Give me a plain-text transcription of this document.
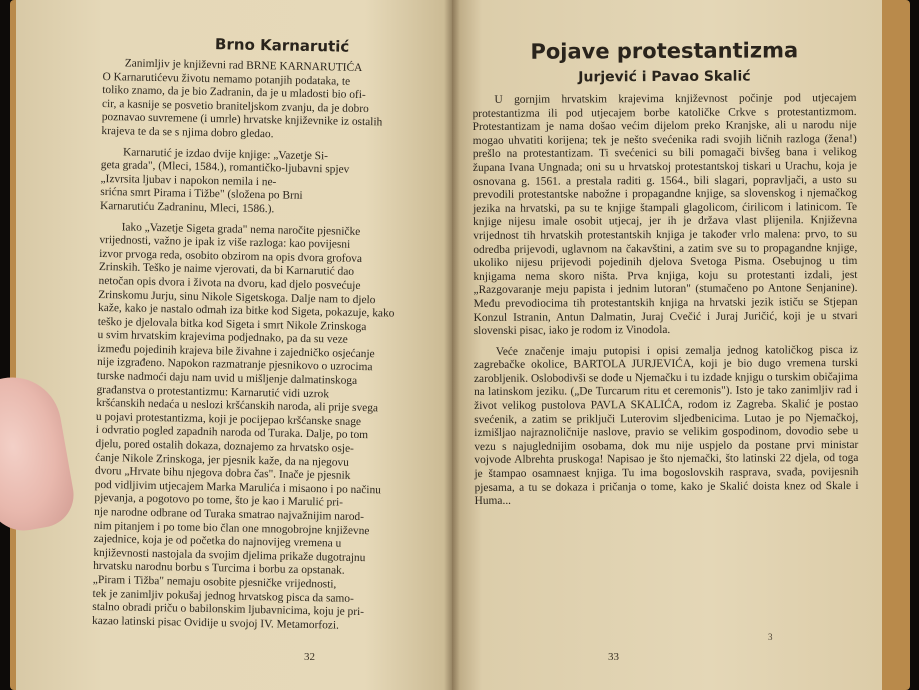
Brno Karnarutić
Zanimljiv je književni rad BRNE KARNARUTIĆA
O Karnarutićevu životu nemamo potanjih podataka, te
toliko znamo, da je bio Zadranin, da je u mladosti bio ofi-
cir, a kasnije se posvetio braniteljskom zvanju, da je dobro
poznavao suvremene (i umrle) hrvatske književnike iz ostalih
krajeva te da se s njima dobro gledao.
Karnarutić je izdao dvije knjige: „Vazetje Si-
geta grada", (Mleci, 1584.), romantičko-ljubavni spjev
„Izvrsita ljubav i napokon nemila i ne-
srićna smrt Pirama i Tižbe" (složena po Brni
Karnarutiću Zadraninu, Mleci, 1586.).
Iako „Vazetje Sigeta grada" nema naročite pjesničke
vrijednosti, važno je ipak iz više razloga: kao povijesni
izvor prvoga reda, osobito obzirom na opis dvora grofova
Zrinskih. Teško je naime vjerovati, da bi Karnarutić dao
netočan opis dvora i života na dvoru, kad djelo posvećuje
Zrinskomu Jurju, sinu Nikole Sigetskoga. Dalje nam to djelo
kaže, kako je nastalo odmah iza bitke kod Sigeta, pokazuje, kako
teško je djelovala bitka kod Sigeta i smrt Nikole Zrinskoga
u svim hrvatskim krajevima podjednako, pa da su veze
između pojedinih krajeva bile živahne i zajedničko osjećanje
nije izgrađeno. Napokon razmatranje pjesnikovo o uzrocima
turske nadmoći daju nam uvid u mišljenje dalmatinskoga
građanstva o protestantizmu: Karnarutić vidi uzrok
kršćanskih nedaća u neslozi kršćanskih naroda, ali prije svega
u pojavi protestantizma, koji je pocijepao kršćanske snage
i odvratio pogled zapadnih naroda od Turaka. Dalje, po tom
djelu, pored ostalih dokaza, doznajemo za hrvatsko osje-
ćanje Nikole Zrinskoga, jer pjesnik kaže, da na njegovu
dvoru „Hrvate bihu njegova dobra čas". Inače je pjesnik
pod vidljivim utjecajem Marka Marulića i misaono i po načinu
pjevanja, a pogotovo po tome, što je kao i Marulić pri-
nje narodne odbrane od Turaka smatrao najvažnijim narod-
nim pitanjem i po tome bio član one mnogobrojne književne
zajednice, koja je od početka do najnovijeg vremena u
književnosti nastojala da svojim djelima prikaže dugotrajnu
hrvatsku narodnu borbu s Turcima i borbu za opstanak.
„Piram i Tižba" nemaju osobite pjesničke vrijednosti,
tek je zanimljiv pokušaj jednog hrvatskog pisca da samo-
stalno obradi priču o babilonskim ljubavnicima, koju je pri-
kazao latinski pisac Ovidije u svojoj IV. Metamorfozi.
32
Pojave protestantizma
Jurjević i Pavao Skalić

U gornjim hrvatskim krajevima književnost počinje pod utjecajem protestantizma ili pod utjecajem borbe katoličke Crkve s protestantizmom. Protestantizam je nama došao većim dijelom preko Kranjske, ali u narodu nije mogao uhvatiti korijena; tek je nešto svećenika radi svojih ličnih razloga (žena!) prešlo na protestantizam. Ti svećenici su bili pomagači bivšeg bana i velikog župana Ivana Ungnada; oni su u hrvatskoj protestantskoj tiskari u Urachu, koja je osnovana g. 1561. a prestala raditi g. 1564., bili slagari, popravljači, a usto su prevodili protestantske nabožne i propagandne knjige, sa slovenskog i njemačkog jezika na hrvatski, pa su te knjige štampali glagolicom, ćirilicom i latinicom. Te knjige nijesu imale osobit utjecaj, jer ih je država vlast plijenila. Književna vrijednost tih hrvatskih protestantskih knjiga je također vrlo malena: prvo, to su odredba prijevodi, uglavnom na čakavštini, a zatim sve su to propagandne knjige, ukoliko nijesu prijevodi pojedinih djelova Svetoga Pisma. Osebujnog u tim knjigama nema skoro ništa. Prva knjiga, koju su protestanti izdali, jest „Razgovaranje meju papista i jednim lutoran" (stumačeno po Antone Senjanine). Među prevodiocima tih protestantskih knjiga na hrvatski jezik ističu se Stjepan Konzul Istranin, Antun Dalmatin, Juraj Cvečić i Juraj Juričić, koji je u stvari slovenski pisac, iako je rodom iz Vinodola.

Veće značenje imaju putopisi i opisi zemalja jednog katoličkog pisca iz zagrebačke okolice, BARTOLA JURJEVIĆA, koji je bio dugo vremena turski zarobljenik. Oslobodivši se dođe u Njemačku i tu izdade knjigu o turskim običajima na latinskom jeziku. („De Turcarum ritu et ceremonis"). Isto je tako zanimljiv rad i život velikog pustolova PAVLA SKALIĆA, rodom iz Zagreba. Skalić je postao svećenik, a zatim se priključi Luterovim sljedbenicima. Lutao je po Njemačkoj, izmišljao najraznoličnije naslove, pravio se velikim gospodinom, dovodio sebe u vezu s najuglednijim osobama, dok mu nije uspjelo da postane prvi ministar vojvode Albrehta pruskoga! Napisao je što njemački, što latinski 22 djela, od toga je štampao osamnaest knjiga. Tu ima bogoslovskih rasprava, svađa, povijesnih pjesama, a tu se dokaza i pričanja o tome, kako je Skalić doista knez od Skale i Huma...

33
3
